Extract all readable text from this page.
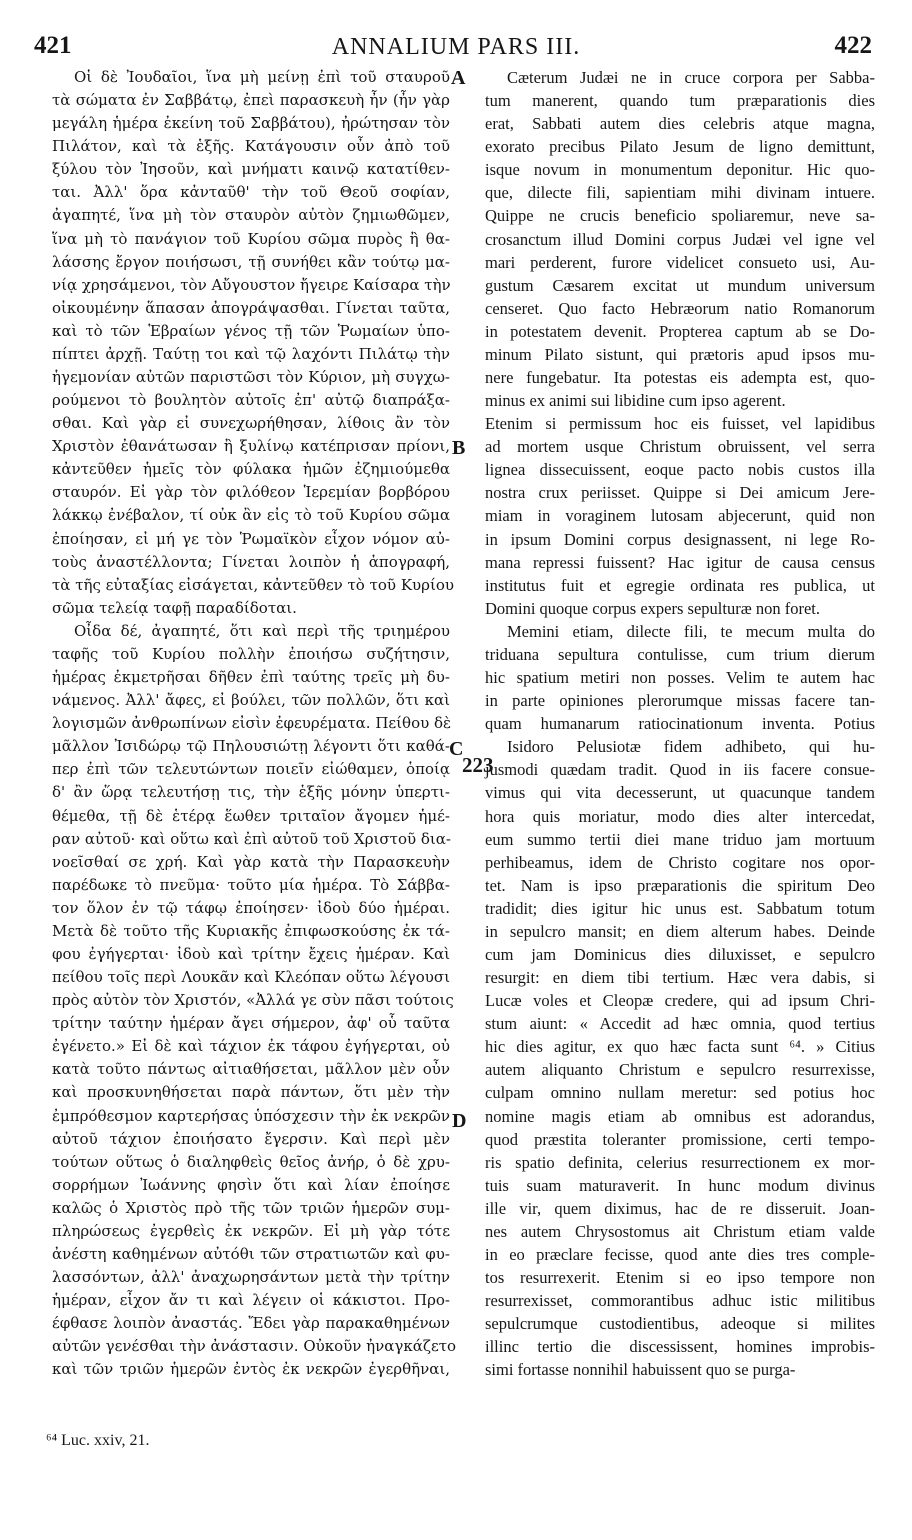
421	ANNALIUM PARS III.	422
Οἱ δὲ Ἰουδαῖοι, ἵνα μὴ μείνῃ ἐπὶ τοῦ σταυροῦ
τὰ σώματα ἐν Σαββάτῳ, ἐπεὶ παρασκευὴ ἦν (ἦν γὰρ
μεγάλη ἡμέρα ἐκείνη τοῦ Σαββάτου), ἠρώτησαν τὸν
Πιλάτον, καὶ τὰ ἑξῆς. Κατάγουσιν οὖν ἀπὸ τοῦ
ξύλου τὸν Ἰησοῦν, καὶ μνήματι καινῷ κατατίθεν-
ται. Ἀλλ' ὅρα κἀνταῦθ' τὴν τοῦ Θεοῦ σοφίαν,
ἀγαπητέ, ἵνα μὴ τὸν σταυρὸν αὐτὸν ζημιωθῶμεν,
ἵνα μὴ τὸ πανάγιον τοῦ Κυρίου σῶμα πυρὸς ἢ θα-
λάσσης ἔργον ποιήσωσι, τῇ συνήθει κἂν τούτῳ μα-
νίᾳ χρησάμενοι, τὸν Αὔγουστον ἤγειρε Καίσαρα τὴν
οἰκουμένην ἅπασαν ἀπογράψασθαι. Γίνεται ταῦτα,
καὶ τὸ τῶν Ἑβραίων γένος τῇ τῶν Ῥωμαίων ὑπο-
πίπτει ἀρχῇ. Ταύτῃ τοι καὶ τῷ λαχόντι Πιλάτῳ τὴν
ἡγεμονίαν αὐτῶν παριστῶσι τὸν Κύριον, μὴ συγχω-
ρούμενοι τὸ βουλητὸν αὐτοῖς ἐπ' αὐτῷ διαπράξα-
σθαι. Καὶ γὰρ εἰ συνεχωρήθησαν, λίθοις ἂν τὸν
Χριστὸν ἐθανάτωσαν ἢ ξυλίνῳ κατέπρισαν πρίονι,
κἀντεῦθεν ἡμεῖς τὸν φύλακα ἡμῶν ἐζημιούμεθα
σταυρόν. Εἰ γὰρ τὸν φιλόθεον Ἱερεμίαν βορβόρου
λάκκῳ ἐνέβαλον, τί οὐκ ἂν εἰς τὸ τοῦ Κυρίου σῶμα
ἐποίησαν, εἰ μή γε τὸν Ῥωμαϊκὸν εἶχον νόμον αὐ-
τοὺς ἀναστέλλοντα; Γίνεται λοιπὸν ἡ ἀπογραφή,
τὰ τῆς εὐταξίας εἰσάγεται, κἀντεῦθεν τὸ τοῦ Κυρίου
σῶμα τελείᾳ ταφῇ παραδίδοται.
Οἶδα δέ, ἀγαπητέ, ὅτι καὶ περὶ τῆς τριημέρου
ταφῆς τοῦ Κυρίου πολλὴν ἐποιήσω συζήτησιν,
ἡμέρας ἐκμετρῆσαι δῆθεν ἐπὶ ταύτης τρεῖς μὴ δυ-
νάμενος. Ἀλλ' ἄφες, εἰ βούλει, τῶν πολλῶν, ὅτι καὶ
λογισμῶν ἀνθρωπίνων εἰσὶν ἐφευρέματα. Πείθου δὲ
μᾶλλον Ἰσιδώρῳ τῷ Πηλουσιώτῃ λέγοντι ὅτι καθά-
περ ἐπὶ τῶν τελευτώντων ποιεῖν εἰώθαμεν, ὁποίᾳ
δ' ἂν ὥρᾳ τελευτήσῃ τις, τὴν ἑξῆς μόνην ὑπερτι-
θέμεθα, τῇ δὲ ἑτέρᾳ ἕωθεν τριταῖον ἄγομεν ἡμέ-
ραν αὐτοῦ· καὶ οὕτω καὶ ἐπὶ αὐτοῦ τοῦ Χριστοῦ δια-
νοεῖσθαί σε χρή. Καὶ γὰρ κατὰ τὴν Παρασκευὴν
παρέδωκε τὸ πνεῦμα· τοῦτο μία ἡμέρα. Τὸ Σάββα-
τον ὅλον ἐν τῷ τάφῳ ἐποίησεν· ἰδοὺ δύο ἡμέραι.
Μετὰ δὲ τοῦτο τῆς Κυριακῆς ἐπιφωσκούσης ἐκ τά-
φου ἐγήγερται· ἰδοὺ καὶ τρίτην ἔχεις ἡμέραν. Καὶ
πείθου τοῖς περὶ Λουκᾶν καὶ Κλεόπαν οὕτω λέγουσι
πρὸς αὐτὸν τὸν Χριστόν, «Ἀλλά γε σὺν πᾶσι τούτοις
τρίτην ταύτην ἡμέραν ἄγει σήμερον, ἀφ' οὗ ταῦτα
ἐγένετο.» Εἰ δὲ καὶ τάχιον ἐκ τάφου ἐγήγερται, οὐ
κατὰ τοῦτο πάντως αἰτιαθήσεται, μᾶλλον μὲν οὖν
καὶ προσκυνηθήσεται παρὰ πάντων, ὅτι μὲν τὴν
ἐμπρόθεσμον καρτερήσας ὑπόσχεσιν τὴν ἐκ νεκρῶν
αὐτοῦ τάχιον ἐποιήσατο ἔγερσιν. Καὶ περὶ μὲν
τούτων οὕτως ὁ διαληφθεὶς θεῖος ἀνήρ, ὁ δὲ χρυ-
σορρήμων Ἰωάννης φησὶν ὅτι καὶ λίαν ἐποίησε
καλῶς ὁ Χριστὸς πρὸ τῆς τῶν τριῶν ἡμερῶν συμ-
πληρώσεως ἐγερθεὶς ἐκ νεκρῶν. Εἰ μὴ γὰρ τότε
ἀνέστη καθημένων αὐτόθι τῶν στρατιωτῶν καὶ φυ-
λασσόντων, ἀλλ' ἀναχωρησάντων μετὰ τὴν τρίτην
ἡμέραν, εἶχον ἄν τι καὶ λέγειν οἱ κάκιστοι. Προ-
έφθασε λοιπὸν ἀναστάς. Ἔδει γὰρ παρακαθημένων
αὐτῶν γενέσθαι τὴν ἀνάστασιν. Οὐκοῦν ἠναγκάζετο
καὶ τῶν τριῶν ἡμερῶν ἐντὸς ἐκ νεκρῶν ἐγερθῆναι,
Cæterum Judæi ne in cruce corpora per Sabba-
tum manerent, quando tum præparationis dies
erat, Sabbati autem dies celebris atque magna,
exorato precibus Pilato Jesum de ligno demittunt,
isque novum in monumentum deponitur. Hic quo-
que, dilecte fili, sapientiam mihi divinam intuere.
Quippe ne crucis beneficio spoliaremur, neve sa-
crosanctum illud Domini corpus Judæi vel igne vel
mari perderent, furore videlicet consueto usi, Au-
gustum Cæsarem excitat ut mundum universum
censeret. Quo facto Hebræorum natio Romanorum
in potestatem devenit. Propterea captum ab se Do-
minum Pilato sistunt, qui prætoris apud ipsos mu-
nere fungebatur. Ita potestas eis adempta est, quo-
minus ex animi sui libidine cum ipso agerent.
Etenim si permissum hoc eis fuisset, vel lapidibus
ad mortem usque Christum obruissent, vel serra
lignea dissecuissent, eoque pacto nobis custos illa
nostra crux periisset. Quippe si Dei amicum Jere-
miam in voraginem lutosam abjecerunt, quid non
in ipsum Domini corpus designassent, ni lege Ro-
mana repressi fuissent? Hac igitur de causa census
institutus fuit et egregie ordinata res publica, ut
Domini quoque corpus expers sepulturæ non foret.
Memini etiam, dilecte fili, te mecum multa do
triduana sepultura contulisse, cum trium dierum
hic spatium metiri non posses. Velim te autem hac
in parte opiniones plerorumque missas facere tan-
quam humanarum ratiocinationum inventa. Potius
Isidoro Pelusiotæ fidem adhibeto, qui hu-
jusmodi quædam tradit. Quod in iis facere consue-
vimus qui vita decesserunt, ut quacunque tandem
hora quis moriatur, modo dies alter intercedat,
eum summo tertii diei mane triduo jam mortuum
perhibeamus, idem de Christo cogitare nos opor-
tet. Nam is ipso præparationis die spiritum Deo
tradidit; dies igitur hic unus est. Sabbatum totum
in sepulcro mansit; en diem alterum habes. Deinde
cum jam Dominicus dies diluxisset, e sepulcro
resurgit: en diem tibi tertium. Hæc vera dabis, si
Lucæ voles et Cleopæ credere, qui ad ipsum Chri-
stum aiunt: « Accedit ad hæc omnia, quod tertius
hic dies agitur, ex quo hæc facta sunt ⁶⁴. » Citius
autem aliquanto Christum e sepulcro resurrexisse,
culpam omnino nullam meretur: sed potius hoc
nomine magis etiam ab omnibus est adorandus,
quod præstita toleranter promissione, certi tempo-
ris spatio definita, celerius resurrectionem ex mor-
tuis suam maturaverit. In hunc modum divinus
ille vir, quem diximus, hac de re disseruit. Joan-
nes autem Chrysostomus ait Christum etiam valde
in eo præclare fecisse, quod ante dies tres comple-
tos resurrexerit. Etenim si eo ipso tempore non
resurrexisset, commorantibus adhuc istic militibus
sepulcrumque custodientibus, adeoque si milites
illinc tertio die discessissent, homines improbis-
simi fortasse nonnihil habuissent quo se purga-
A
B
C
D
223
⁶⁴ Luc. xxiv, 21.
